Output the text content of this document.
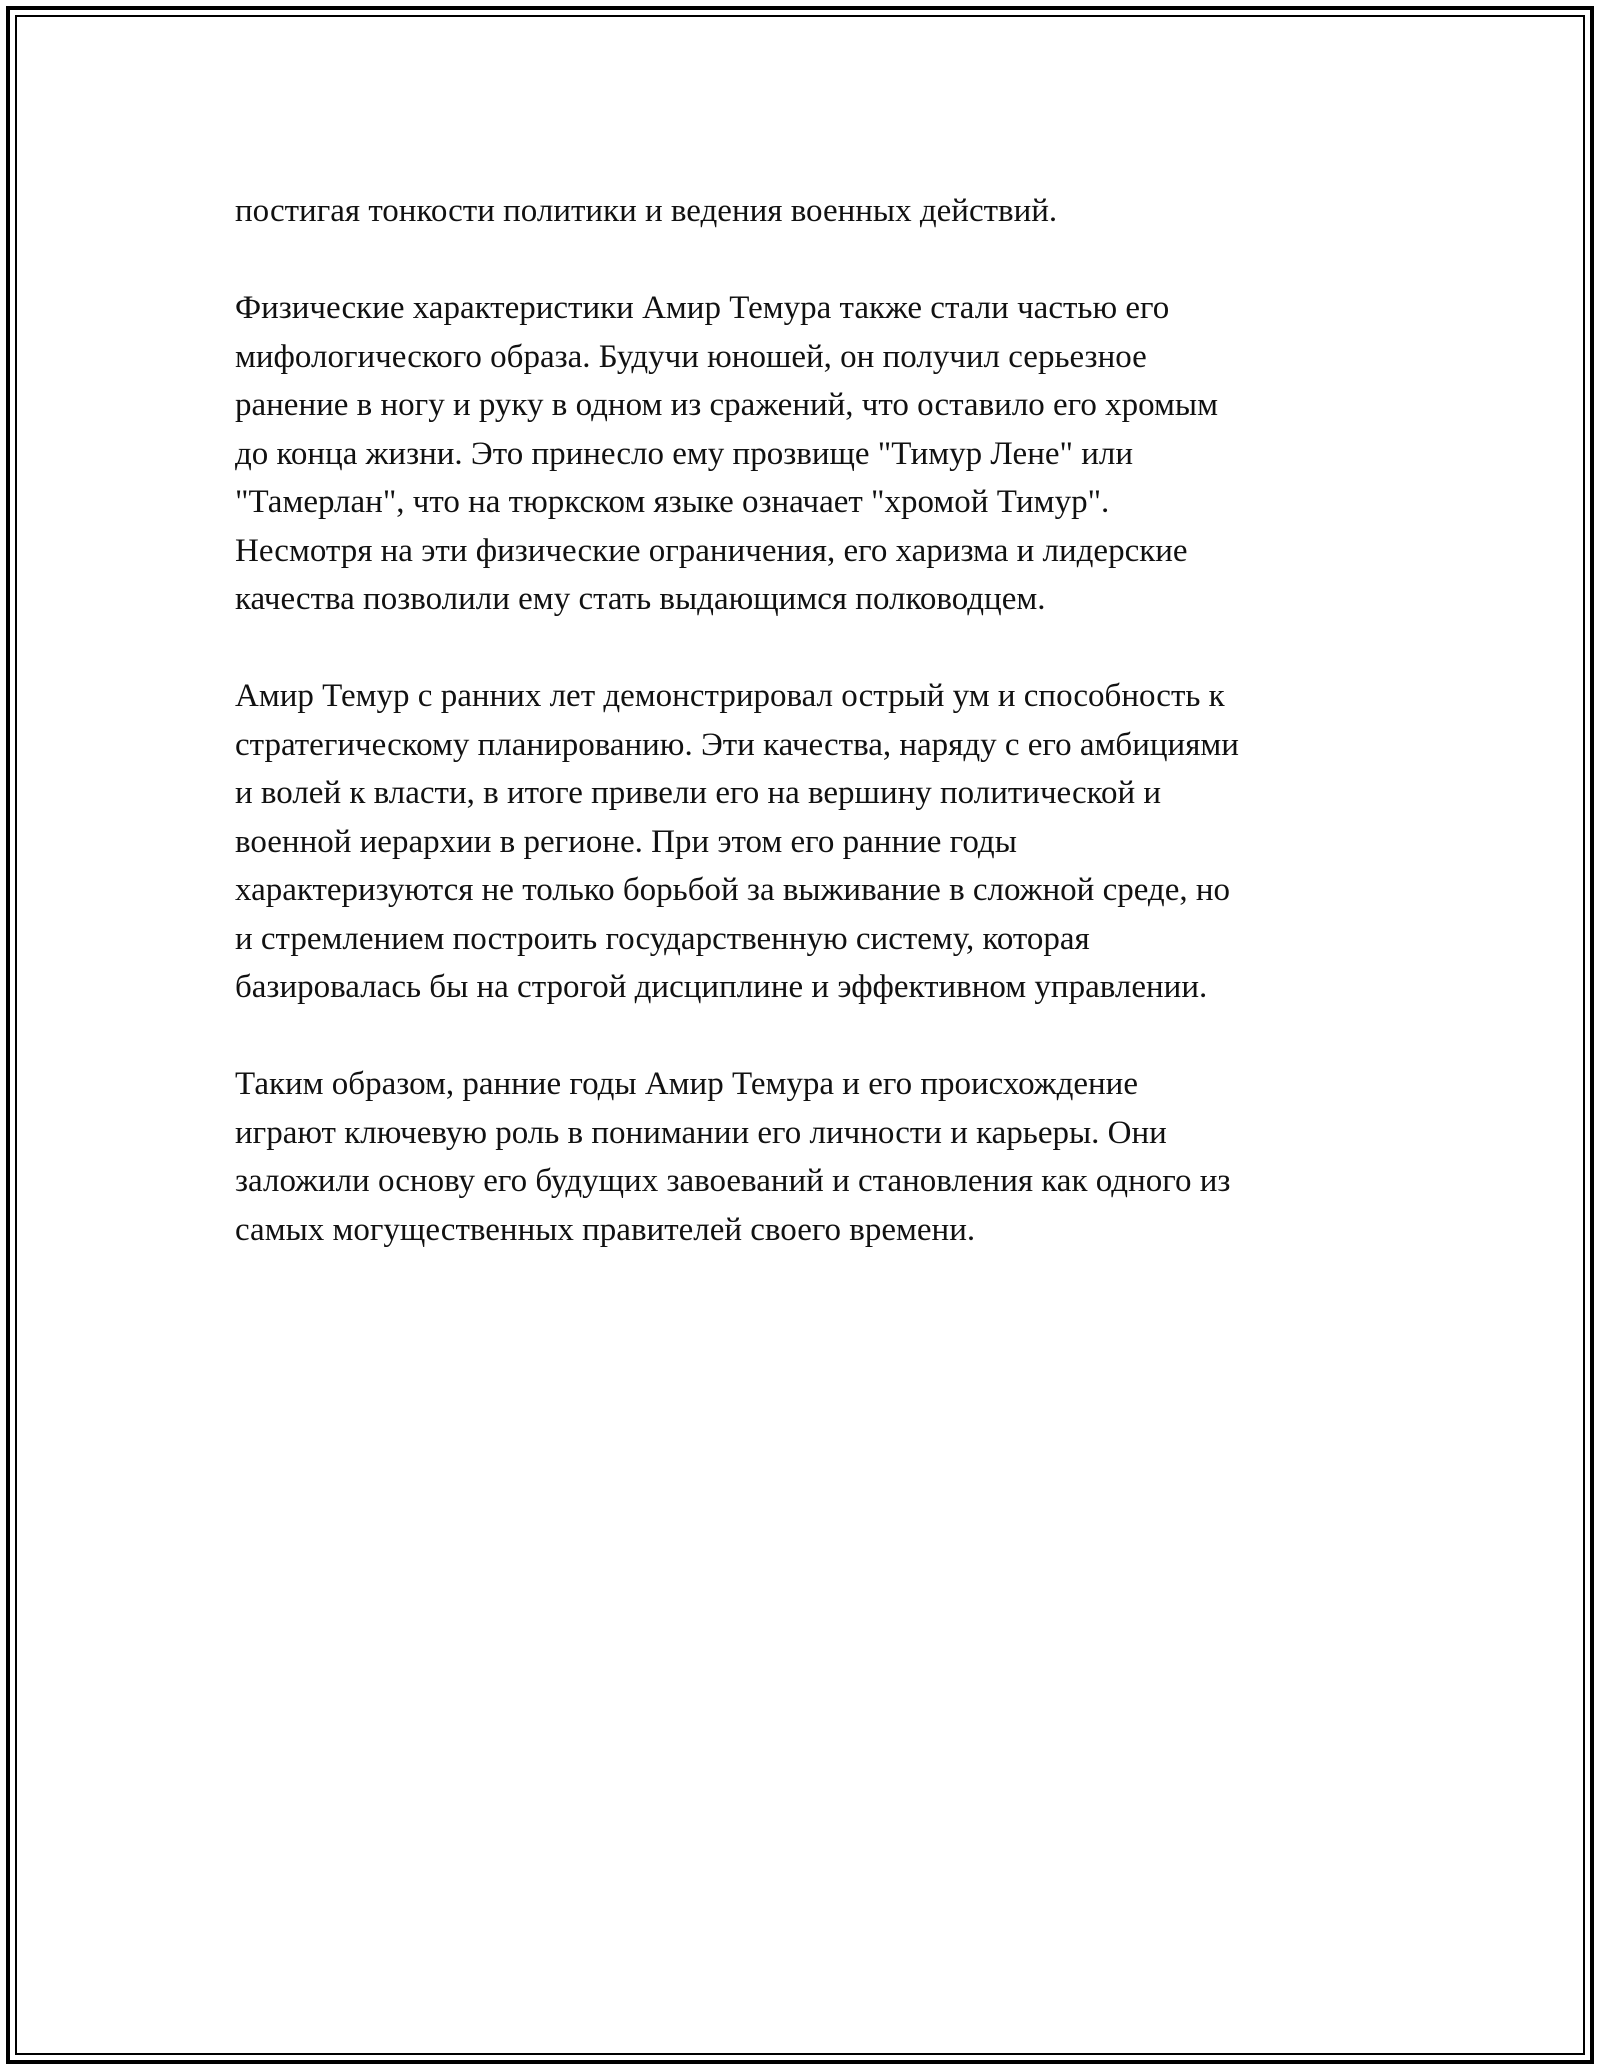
постигая тонкости политики и ведения военных действий.

Физические характеристики Амир Темура также стали частью его
мифологического образа. Будучи юношей, он получил серьезное
ранение в ногу и руку в одном из сражений, что оставило его хромым
до конца жизни. Это принесло ему прозвище "Тимур Лене" или
"Тамерлан", что на тюркском языке означает "хромой Тимур".
Несмотря на эти физические ограничения, его харизма и лидерские
качества позволили ему стать выдающимся полководцем.

Амир Темур с ранних лет демонстрировал острый ум и способность к
стратегическому планированию. Эти качества, наряду с его амбициями
и волей к власти, в итоге привели его на вершину политической и
военной иерархии в регионе. При этом его ранние годы
характеризуются не только борьбой за выживание в сложной среде, но
и стремлением построить государственную систему, которая
базировалась бы на строгой дисциплине и эффективном управлении.

Таким образом, ранние годы Амир Темура и его происхождение
играют ключевую роль в понимании его личности и карьеры. Они
заложили основу его будущих завоеваний и становления как одного из
самых могущественных правителей своего времени.
